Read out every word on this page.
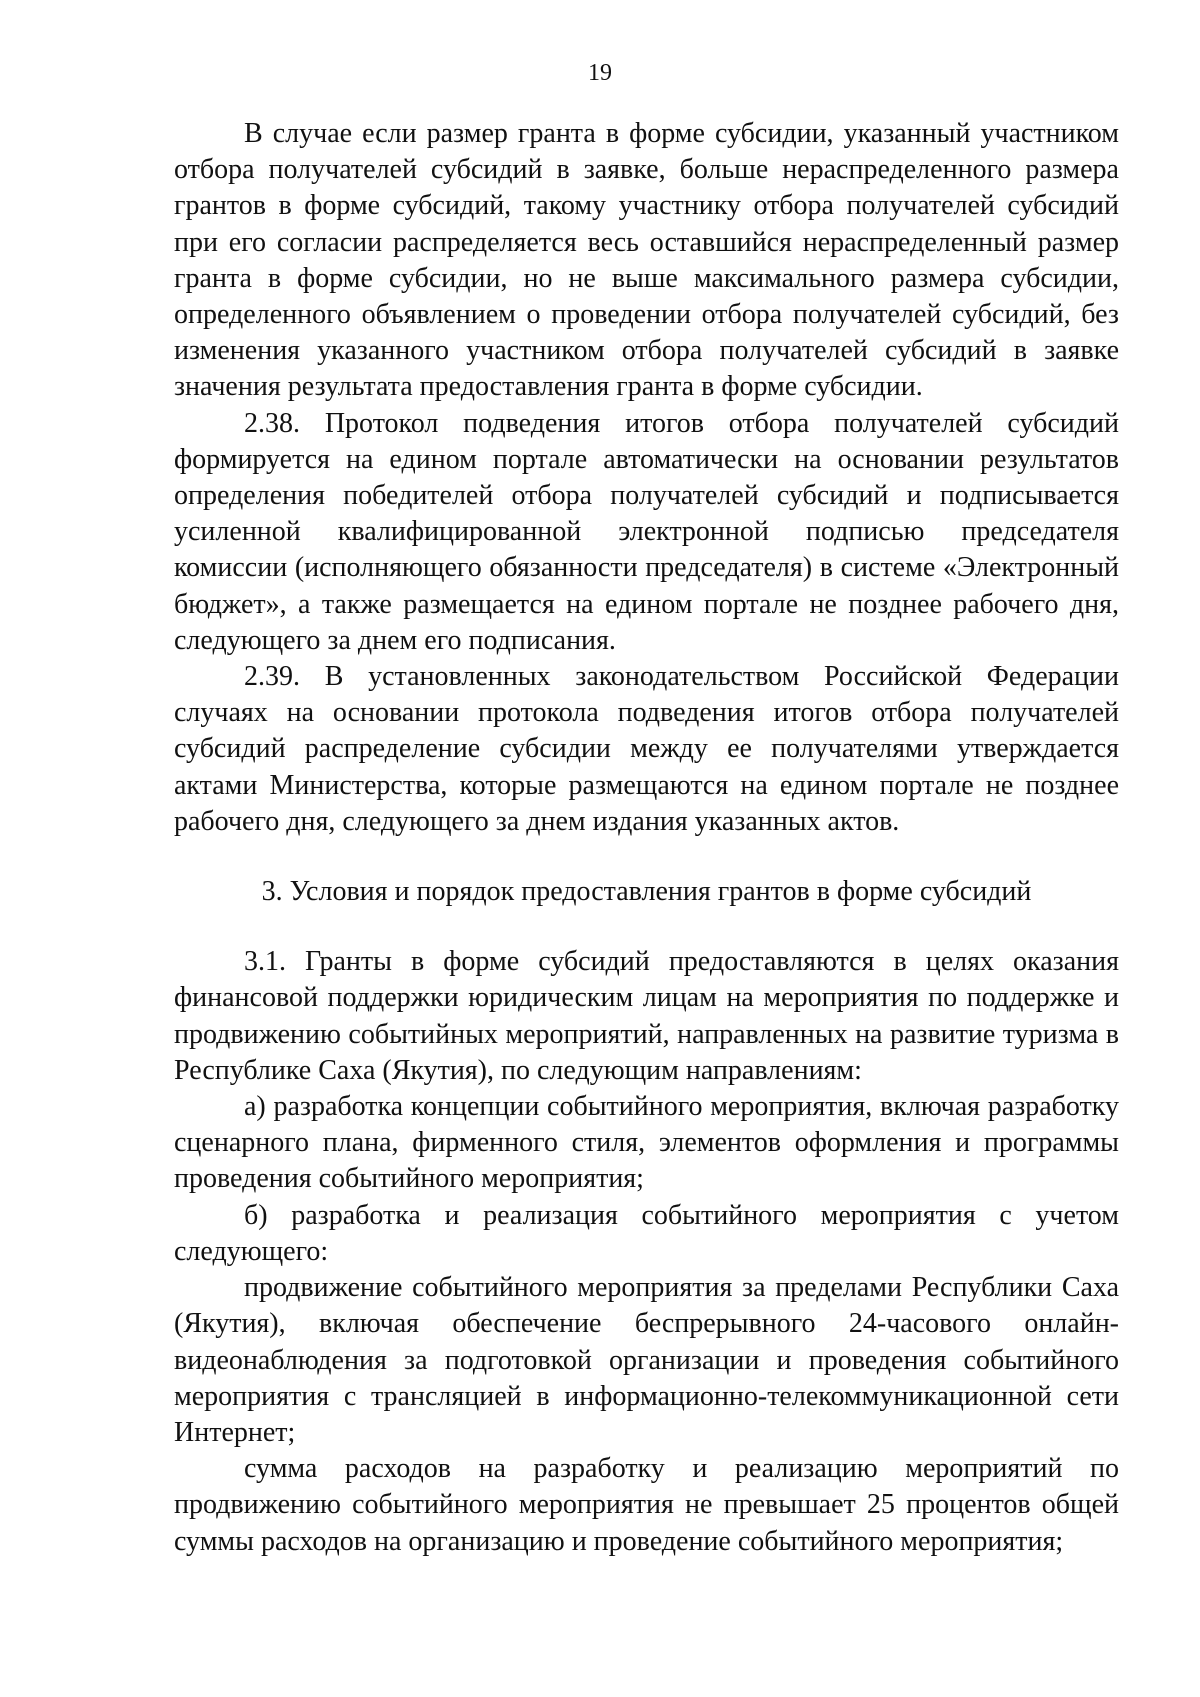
19

В случае если размер гранта в форме субсидии, указанный участником отбора получателей субсидий в заявке, больше нераспределенного размера грантов в форме субсидий, такому участнику отбора получателей субсидий при его согласии распределяется весь оставшийся нераспределенный размер гранта в форме субсидии, но не выше максимального размера субсидии, определенного объявлением о проведении отбора получателей субсидий, без изменения указанного участником отбора получателей субсидий в заявке значения результата предоставления гранта в форме субсидии.

2.38. Протокол подведения итогов отбора получателей субсидий формируется на едином портале автоматически на основании результатов определения победителей отбора получателей субсидий и подписывается усиленной квалифицированной электронной подписью председателя комиссии (исполняющего обязанности председателя) в системе «Электронный бюджет», а также размещается на едином портале не позднее рабочего дня, следующего за днем его подписания.

2.39. В установленных законодательством Российской Федерации случаях на основании протокола подведения итогов отбора получателей субсидий распределение субсидии между ее получателями утверждается актами Министерства, которые размещаются на едином портале не позднее рабочего дня, следующего за днем издания указанных актов.

3. Условия и порядок предоставления грантов в форме субсидий

3.1. Гранты в форме субсидий предоставляются в целях оказания финансовой поддержки юридическим лицам на мероприятия по поддержке и продвижению событийных мероприятий, направленных на развитие туризма в Республике Саха (Якутия), по следующим направлениям:

а) разработка концепции событийного мероприятия, включая разработку сценарного плана, фирменного стиля, элементов оформления и программы проведения событийного мероприятия;

б) разработка и реализация событийного мероприятия с учетом следующего:

продвижение событийного мероприятия за пределами Республики Саха (Якутия), включая обеспечение беспрерывного 24-часового онлайн-видеонаблюдения за подготовкой организации и проведения событийного мероприятия с трансляцией в информационно-телекоммуникационной сети Интернет;

сумма расходов на разработку и реализацию мероприятий по продвижению событийного мероприятия не превышает 25 процентов общей суммы расходов на организацию и проведение событийного мероприятия;
